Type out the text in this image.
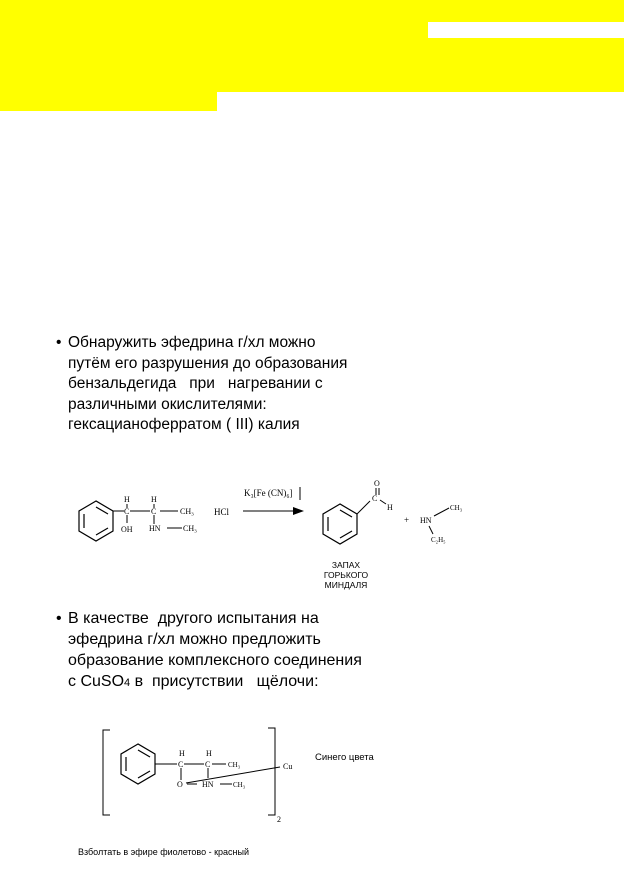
• Обнаружить эфедрина г/хл можно
путём его разрушения до образования
бензальдегида   при   нагревании с
различными окислителями:
гексацианоферратом ( III) калия
H
C
OH
H
C	CH₃
HN	CH₃
HCl
K₃[Fe (CN)₆]
O
C
H
+ HN
CH₃
C₂H₅
ЗАПАХ
ГОРЬКОГО
МИНДАЛЯ
• В качестве  другого испытания на
эфедрина г/хл можно предложить
образование комплексного соединения
с CuSO4 в  присутствии   щёлочи:
H
C
O
H
C	CH₃
HN	CH₃
Cu
2
Синего цвета
Взболтать в эфире фиолетово - красный
